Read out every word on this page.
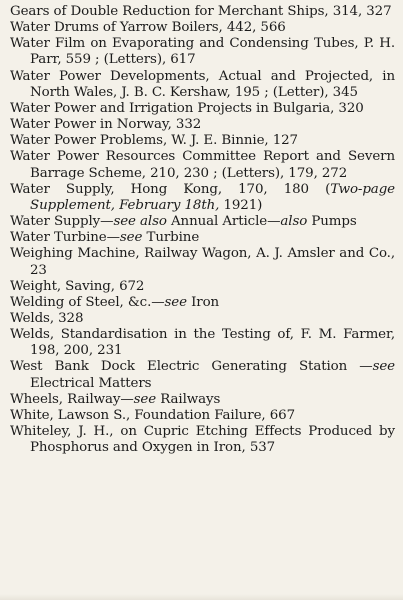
Gears of Double Reduction for Merchant Ships, 314, 327
Water Drums of Yarrow Boilers, 442, 566
Water Film on Evaporating and Condensing Tubes, P. H. Parr, 559 ; (Letters), 617
Water Power Developments, Actual and Projected, in North Wales, J. B. C. Kershaw, 195 ; (Letter), 345
Water Power and Irrigation Projects in Bulgaria, 320
Water Power in Norway, 332
Water Power Problems, W. J. E. Binnie, 127
Water Power Resources Committee Report and Severn Barrage Scheme, 210, 230 ; (Letters), 179, 272
Water Supply, Hong Kong, 170, 180 (Two-page Supplement, February 18th, 1921)
Water Supply—see also Annual Article—also Pumps
Water Turbine—see Turbine
Weighing Machine, Railway Wagon, A. J. Amsler and Co., 23
Weight, Saving, 672
Welding of Steel, &c.—see Iron
Welds, 328
Welds, Standardisation in the Testing of, F. M. Farmer, 198, 200, 231
West Bank Dock Electric Generating Station —see Electrical Matters
Wheels, Railway—see Railways
White, Lawson S., Foundation Failure, 667
Whiteley, J. H., on Cupric Etching Effects Produced by Phosphorus and Oxygen in Iron, 537
